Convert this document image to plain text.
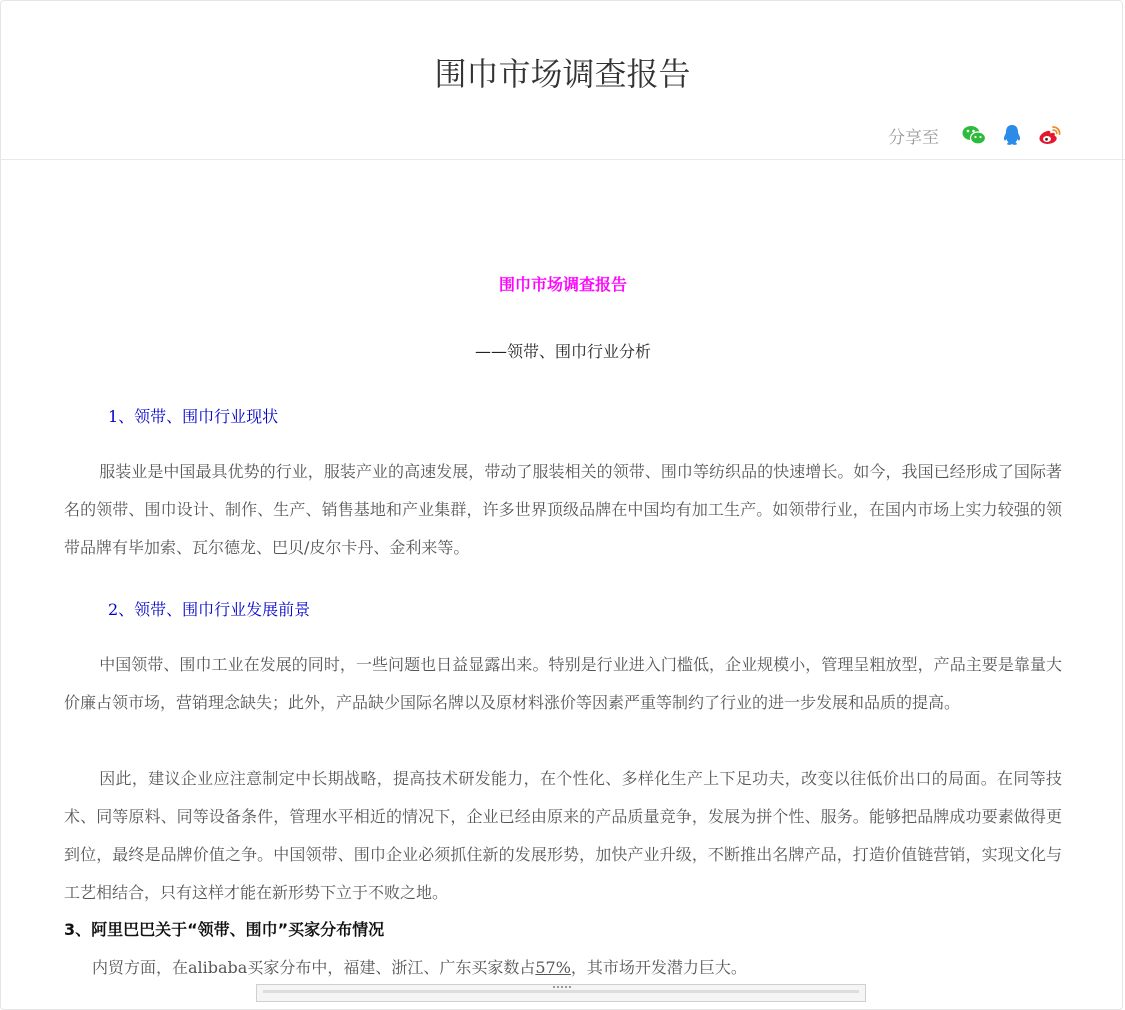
围巾市场调查报告
分享至
围巾市场调查报告
——领带、围巾行业分析
1、领带、围巾行业现状

服装业是中国最具优势的行业，服装产业的高速发展，带动了服装相关的领带、围巾等纺织品的快速增长。如今，我国已经形成了国际著名的领带、围巾设计、制作、生产、销售基地和产业集群，许多世界顶级品牌在中国均有加工生产。如领带行业，在国内市场上实力较强的领带品牌有毕加索、瓦尔德龙、巴贝/皮尔卡丹、金利来等。

2、领带、围巾行业发展前景

中国领带、围巾工业在发展的同时，一些问题也日益显露出来。特别是行业进入门槛低，企业规模小，管理呈粗放型，产品主要是靠量大价廉占领市场，营销理念缺失；此外，产品缺少国际名牌以及原材料涨价等因素严重等制约了行业的进一步发展和品质的提高。

因此，建议企业应注意制定中长期战略，提高技术研发能力，在个性化、多样化生产上下足功夫，改变以往低价出口的局面。在同等技术、同等原料、同等设备条件，管理水平相近的情况下，企业已经由原来的产品质量竞争，发展为拼个性、服务。能够把品牌成功要素做得更到位，最终是品牌价值之争。中国领带、围巾企业必须抓住新的发展形势，加快产业升级，不断推出名牌产品，打造价值链营销，实现文化与工艺相结合，只有这样才能在新形势下立于不败之地。

3、阿里巴巴关于“领带、围巾”买家分布情况
内贸方面，在alibaba买家分布中，福建、浙江、广东买家数占57%，其市场开发潜力巨大。
